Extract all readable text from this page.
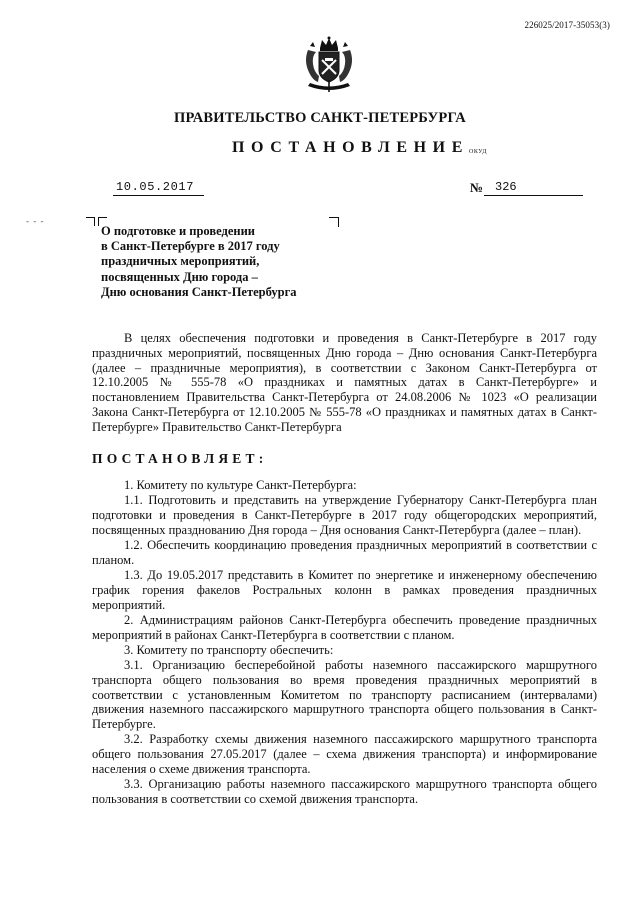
226025/2017-35053(3)
ПРАВИТЕЛЬСТВО САНКТ-ПЕТЕРБУРГА
ПОСТАНОВЛЕНИЕ ОКУД
10.05.2017	№ 326
- - -
О подготовке и проведении
в Санкт-Петербурге в 2017 году
праздничных мероприятий,
посвященных Дню города –
Дню основания Санкт-Петербурга

В целях обеспечения подготовки и проведения в Санкт-Петербурге в 2017 году праздничных мероприятий, посвященных Дню города – Дню основания Санкт-Петербурга (далее – праздничные мероприятия), в соответствии с Законом Санкт-Петербурга от 12.10.2005 № 555-78 «О праздниках и памятных датах в Санкт-Петербурге» и постановлением Правительства Санкт-Петербурга от 24.08.2006 № 1023 «О реализации Закона Санкт-Петербурга от 12.10.2005 № 555-78 «О праздниках и памятных датах в Санкт-Петербурге» Правительство Санкт-Петербурга

ПОСТАНОВЛЯЕТ:

1. Комитету по культуре Санкт-Петербурга:

1.1. Подготовить и представить на утверждение Губернатору Санкт-Петербурга план подготовки и проведения в Санкт-Петербурге в 2017 году общегородских мероприятий, посвященных празднованию Дня города – Дня основания Санкт-Петербурга (далее – план).

1.2. Обеспечить координацию проведения праздничных мероприятий в соответствии с планом.

1.3. До 19.05.2017 представить в Комитет по энергетике и инженерному обеспечению график горения факелов Ростральных колонн в рамках проведения праздничных мероприятий.

2. Администрациям районов Санкт-Петербурга обеспечить проведение праздничных мероприятий в районах Санкт-Петербурга в соответствии с планом.

3. Комитету по транспорту обеспечить:

3.1. Организацию бесперебойной работы наземного пассажирского маршрутного транспорта общего пользования во время проведения праздничных мероприятий в соответствии с установленным Комитетом по транспорту расписанием (интервалами) движения наземного пассажирского маршрутного транспорта общего пользования в Санкт-Петербурге.

3.2. Разработку схемы движения наземного пассажирского маршрутного транспорта общего пользования 27.05.2017 (далее – схема движения транспорта) и информирование населения о схеме движения транспорта.

3.3. Организацию работы наземного пассажирского маршрутного транспорта общего пользования в соответствии со схемой движения транспорта.
